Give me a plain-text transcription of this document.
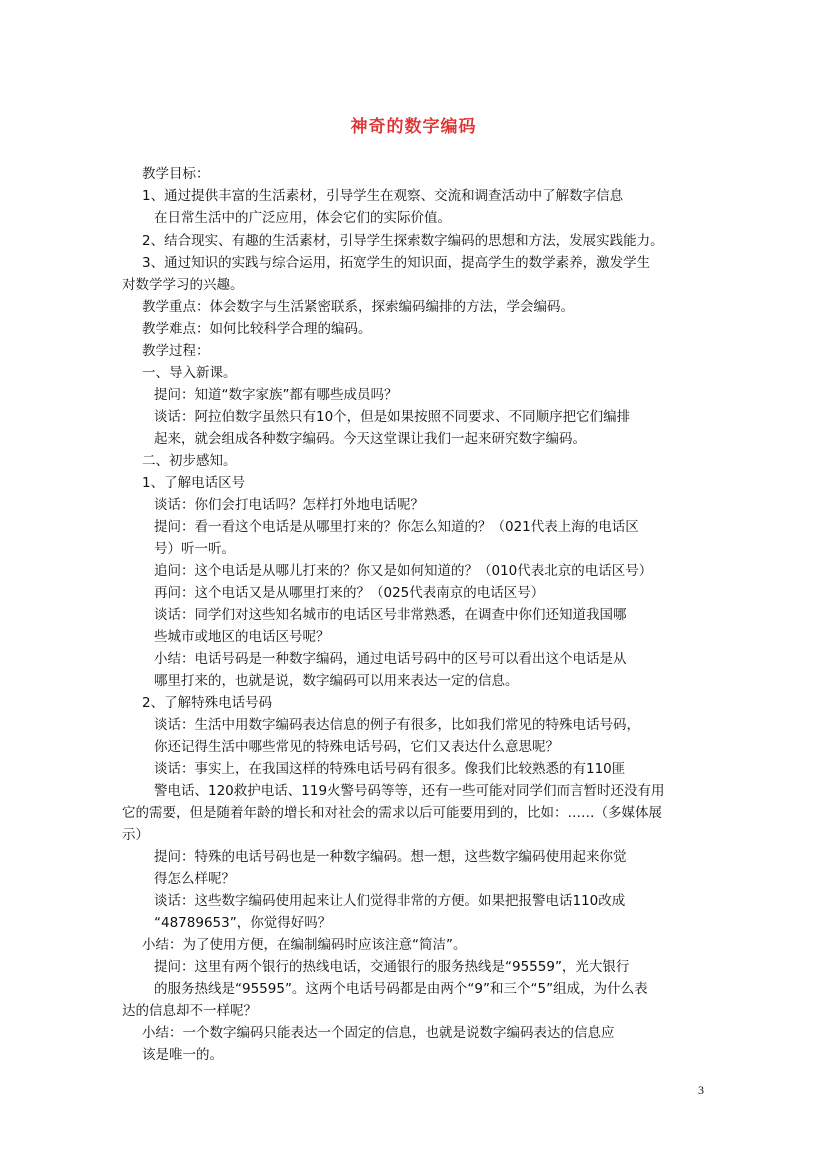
神奇的数字编码
教学目标：
1、通过提供丰富的生活素材，引导学生在观察、交流和调查活动中了解数字信息
在日常生活中的广泛应用，体会它们的实际价值。
2、结合现实、有趣的生活素材，引导学生探索数字编码的思想和方法，发展实践能力。
3、通过知识的实践与综合运用，拓宽学生的知识面，提高学生的数学素养，激发学生
对数学学习的兴趣。
教学重点：体会数字与生活紧密联系，探索编码编排的方法，学会编码。
教学难点：如何比较科学合理的编码。
教学过程：
一、导入新课。
提问：知道“数字家族”都有哪些成员吗？
谈话：阿拉伯数字虽然只有10个，但是如果按照不同要求、不同顺序把它们编排
起来，就会组成各种数字编码。今天这堂课让我们一起来研究数字编码。
二、初步感知。
1、了解电话区号
谈话：你们会打电话吗？怎样打外地电话呢？
提问：看一看这个电话是从哪里打来的？你怎么知道的？（021代表上海的电话区
号）听一听。
追问：这个电话是从哪儿打来的？你又是如何知道的？（010代表北京的电话区号）
再问：这个电话又是从哪里打来的？（025代表南京的电话区号）
谈话：同学们对这些知名城市的电话区号非常熟悉，在调查中你们还知道我国哪
些城市或地区的电话区号呢？
小结：电话号码是一种数字编码，通过电话号码中的区号可以看出这个电话是从
哪里打来的，也就是说，数字编码可以用来表达一定的信息。
2、了解特殊电话号码
谈话：生活中用数字编码表达信息的例子有很多，比如我们常见的特殊电话号码，
你还记得生活中哪些常见的特殊电话号码，它们又表达什么意思呢？
谈话：事实上，在我国这样的特殊电话号码有很多。像我们比较熟悉的有110匪
警电话、120救护电话、119火警号码等等，还有一些可能对同学们而言暂时还没有用
它的需要，但是随着年龄的增长和对社会的需求以后可能要用到的，比如：……（多媒体展
示）
提问：特殊的电话号码也是一种数字编码。想一想，这些数字编码使用起来你觉
得怎么样呢？
谈话：这些数字编码使用起来让人们觉得非常的方便。如果把报警电话110改成
“48789653”，你觉得好吗？
小结：为了使用方便，在编制编码时应该注意“简洁”。
提问：这里有两个银行的热线电话，交通银行的服务热线是“95559”，光大银行
的服务热线是“95595”。这两个电话号码都是由两个“9”和三个“5”组成，为什么表
达的信息却不一样呢？
小结：一个数字编码只能表达一个固定的信息，也就是说数字编码表达的信息应
该是唯一的。
3
